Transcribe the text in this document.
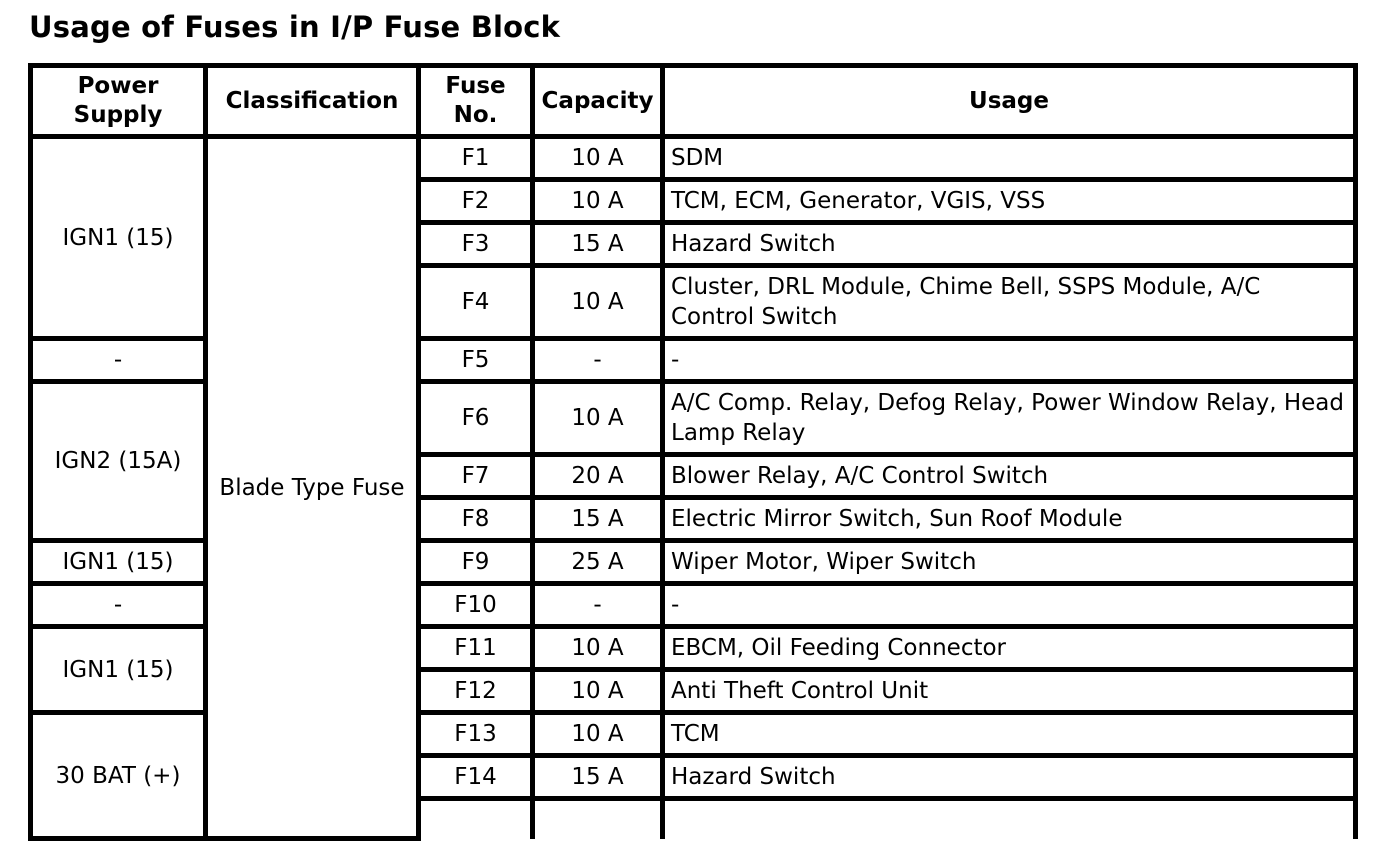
Usage of Fuses in I/P Fuse Block
Power Supply	Classification	Fuse No.	Capacity	Usage
IGN1 (15)	Blade Type Fuse	F1	10 A	SDM
		F2	10 A	TCM, ECM, Generator, VGIS, VSS
		F3	15 A	Hazard Switch
		F4	10 A	Cluster, DRL Module, Chime Bell, SSPS Module, A/C Control Switch
-		F5	-	-
IGN2 (15A)		F6	10 A	A/C Comp. Relay, Defog Relay, Power Window Relay, Head Lamp Relay
		F7	20 A	Blower Relay, A/C Control Switch
		F8	15 A	Electric Mirror Switch, Sun Roof Module
IGN1 (15)		F9	25 A	Wiper Motor, Wiper Switch
-		F10	-	-
IGN1 (15)		F11	10 A	EBCM, Oil Feeding Connector
		F12	10 A	Anti Theft Control Unit
30 BAT (+)		F13	10 A	TCM
		F14	15 A	Hazard Switch
